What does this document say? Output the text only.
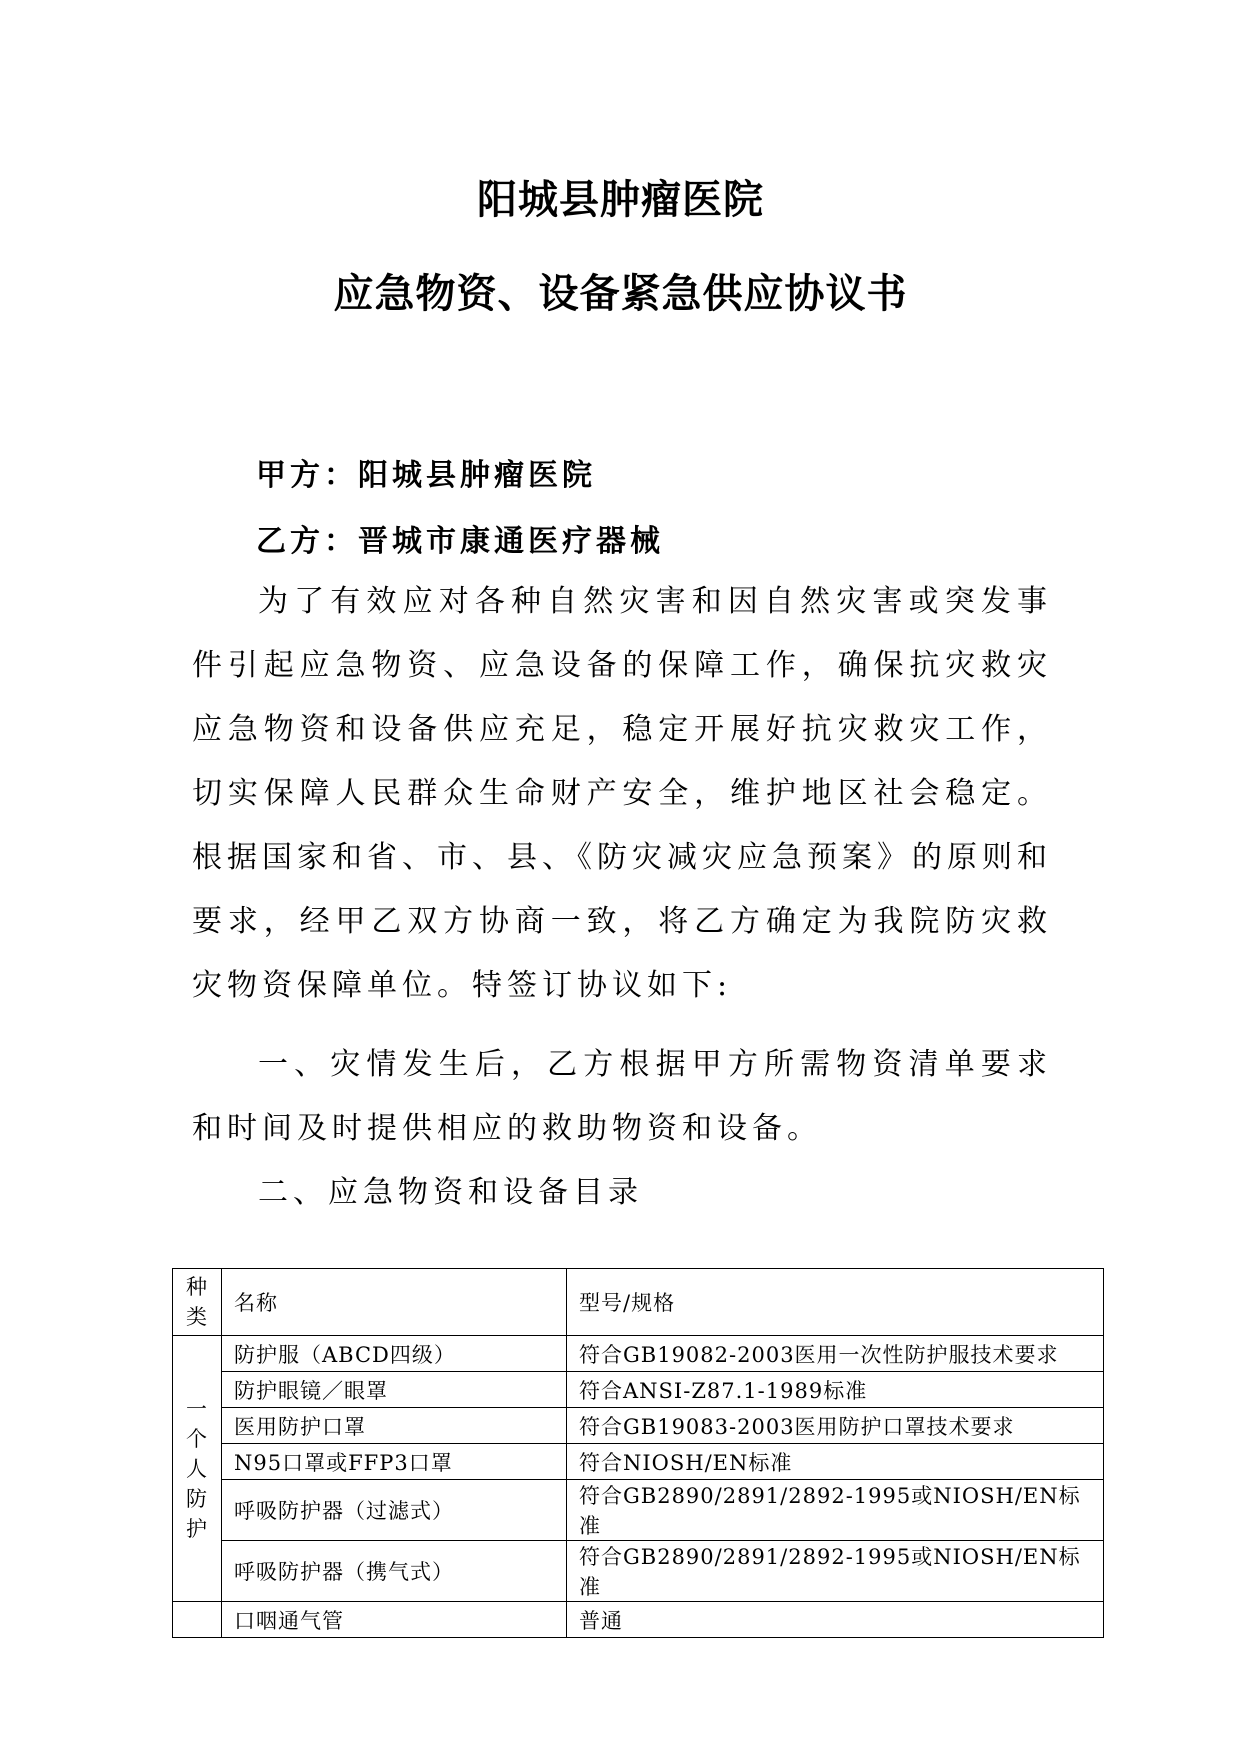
阳城县肿瘤医院
应急物资、设备紧急供应协议书
甲方：阳城县肿瘤医院
乙方：晋城市康通医疗器械

为了有效应对各种自然灾害和因自然灾害或突发事件引起应急物资、应急设备的保障工作，确保抗灾救灾应急物资和设备供应充足，稳定开展好抗灾救灾工作，切实保障人民群众生命财产安全，维护地区社会稳定。根据国家和省、市、县、《防灾减灾应急预案》的原则和要求，经甲乙双方协商一致，将乙方确定为我院防灾救灾物资保障单位。特签订协议如下:

一、灾情发生后，乙方根据甲方所需物资清单要求和时间及时提供相应的救助物资和设备。

二、应急物资和设备目录

种类	名称	型号/规格
一个人防护	防护服（ABCD四级）	符合GB19082-2003医用一次性防护服技术要求
	防护眼镜／眼罩	符合ANSI-Z87.1-1989标准
	医用防护口罩	符合GB19083-2003医用防护口罩技术要求
	N95口罩或FFP3口罩	符合NIOSH/EN标准
	呼吸防护器（过滤式）	符合GB2890/2891/2892-1995或NIOSH/EN标准
	呼吸防护器（携气式）	符合GB2890/2891/2892-1995或NIOSH/EN标准
	口咽通气管	普通
